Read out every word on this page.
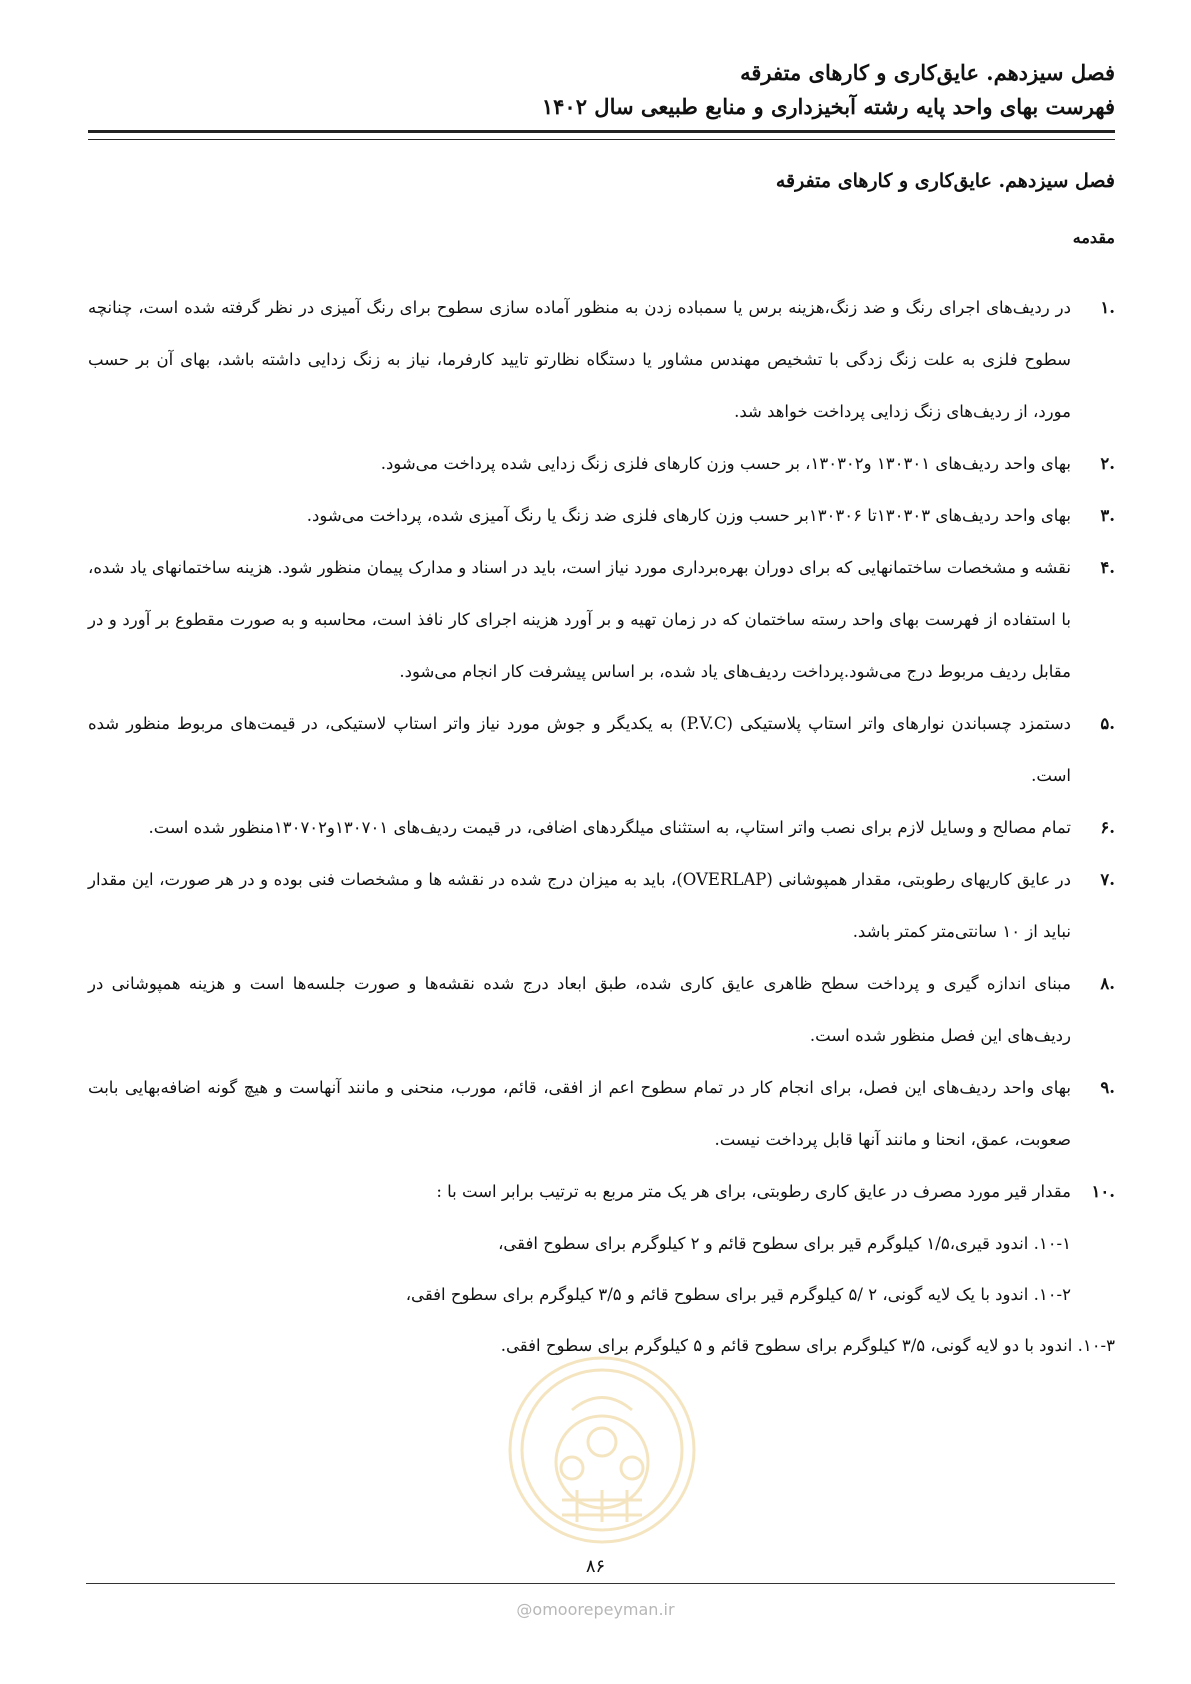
فصل سیزدهم. عایق‌کاری و کارهای متفرقه
فهرست بهای واحد پایه رشته آبخیزداری و منابع طبیعی سال ۱۴۰۲
فصل سیزدهم. عایق‌کاری و کارهای متفرقه
مقدمه
.۱
در ردیف‌های اجرای رنگ و ضد زنگ،هزینه برس یا سمباده زدن به منظور آماده سازی سطوح برای رنگ آمیزی در نظر گرفته شده است، چنانچه سطوح فلزی به علت زنگ زدگی با تشخیص مهندس مشاور یا دستگاه نظارتو تایید کارفرما، نیاز به زنگ زدایی داشته باشد، بهای آن بر حسب مورد، از ردیف‌های زنگ زدایی پرداخت خواهد شد.
.۲
بهای واحد ردیف‌های ۱۳۰۳۰۱ و۱۳۰۳۰۲، بر حسب وزن کارهای فلزی زنگ زدایی شده پرداخت می‌شود.
.۳
بهای واحد ردیف‌های ۱۳۰۳۰۳تا ۱۳۰۳۰۶بر حسب وزن کارهای فلزی ضد زنگ یا رنگ آمیزی شده، پرداخت می‌شود.
.۴
نقشه و مشخصات ساختمانهایی که برای دوران بهره‌برداری مورد نیاز است، باید در اسناد و مدارک پیمان منظور شود. هزینه ساختمانهای یاد شده، با استفاده از فهرست بهای واحد رسته ساختمان که در زمان تهیه و بر آورد هزینه اجرای کار نافذ است، محاسبه و به صورت مقطوع بر آورد و در مقابل ردیف مربوط درج می‌شود.پرداخت ردیف‌های یاد شده، بر اساس پیشرفت کار انجام می‌شود.
.۵
دستمزد چسباندن نوارهای واتر استاپ پلاستیکی (P.V.C) به یکدیگر و جوش مورد نیاز واتر استاپ لاستیکی، در قیمت‌های مربوط منظور شده است.
.۶
تمام مصالح و وسایل لازم برای نصب واتر استاپ، به استثنای میلگردهای اضافی، در قیمت ردیف‌های ۱۳۰۷۰۱و۱۳۰۷۰۲منظور شده است.
.۷
در عایق کاریهای رطوبتی، مقدار همپوشانی (OVERLAP)، باید به میزان درج شده در نقشه ها و مشخصات فنی بوده و در هر صورت، این مقدار نباید از ۱۰ سانتی‌متر کمتر باشد.
.۸
مبنای اندازه گیری و پرداخت سطح ظاهری عایق کاری شده، طبق ابعاد درج شده نقشه‌ها و صورت جلسه‌ها است و هزینه همپوشانی در ردیف‌های این فصل منظور شده است.
.۹
بهای واحد ردیف‌های این فصل، برای انجام کار در تمام سطوح اعم از افقی، قائم، مورب، منحنی و مانند آنهاست و هیچ گونه اضافه‌بهایی بابت صعوبت، عمق، انحنا و مانند آنها قابل پرداخت نیست.
.۱۰
مقدار قیر مورد مصرف در عایق کاری رطوبتی، برای هر یک متر مربع به ترتیب برابر است با :
۱۰-۱. اندود قیری،۱/۵ کیلوگرم قیر برای سطوح قائم و ۲ کیلوگرم برای سطوح افقی،
۱۰-۲. اندود با یک لایه گونی، ۲ /۵ کیلوگرم قیر برای سطوح قائم و ۳/۵ کیلوگرم برای سطوح افقی،
۱۰-۳. اندود با دو لایه گونی، ۳/۵ کیلوگرم برای سطوح قائم و ۵ کیلوگرم برای سطوح افقی.
۸۶
@omoorepeyman.ir
